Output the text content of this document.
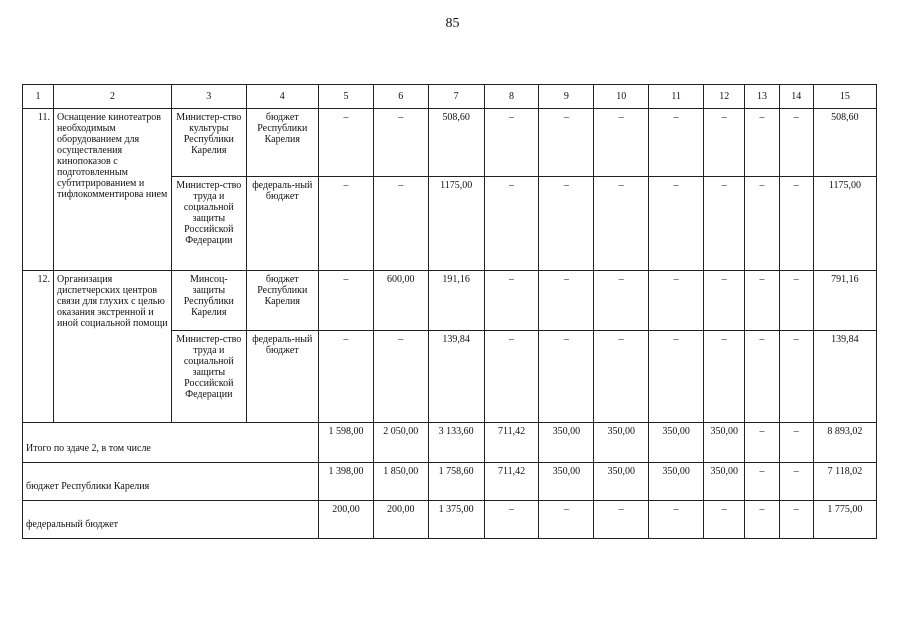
85
1	2	3	4	5	6	7	8	9	10	11	12	13	14	15
11.	Оснащение кинотеатров необходимым оборудованием для осуществления кинопоказов с подготовленным субтитрированием и тифлокомментирова нием	Министер-ство культуры Республики Карелия	бюджет Республики Карелия	–	–	508,60	–	–	–	–	–	–	–	508,60
		Министер-ство труда и социальной защиты Российской Федерации	федераль-ный бюджет	–	–	1175,00	–	–	–	–	–	–	–	1175,00
12.	Организация диспетчерских центров связи для глухих с целью оказания экстренной и иной социальной помощи	Минсоц-защиты Республики Карелия	бюджет Республики Карелия	–	600,00	191,16	–	–	–	–	–	–	–	791,16
		Министер-ство труда и социальной защиты Российской Федерации	федераль-ный бюджет	–	–	139,84	–	–	–	–	–	–	–	139,84
Итого по здаче 2, в том числе				1 598,00	2 050,00	3 133,60	711,42	350,00	350,00	350,00	350,00	–	–	8 893,02
бюджет Республики Карелия				1 398,00	1 850,00	1 758,60	711,42	350,00	350,00	350,00	350,00	–	–	7 118,02
федеральный бюджет				200,00	200,00	1 375,00	–	–	–	–	–	–	–	1 775,00
